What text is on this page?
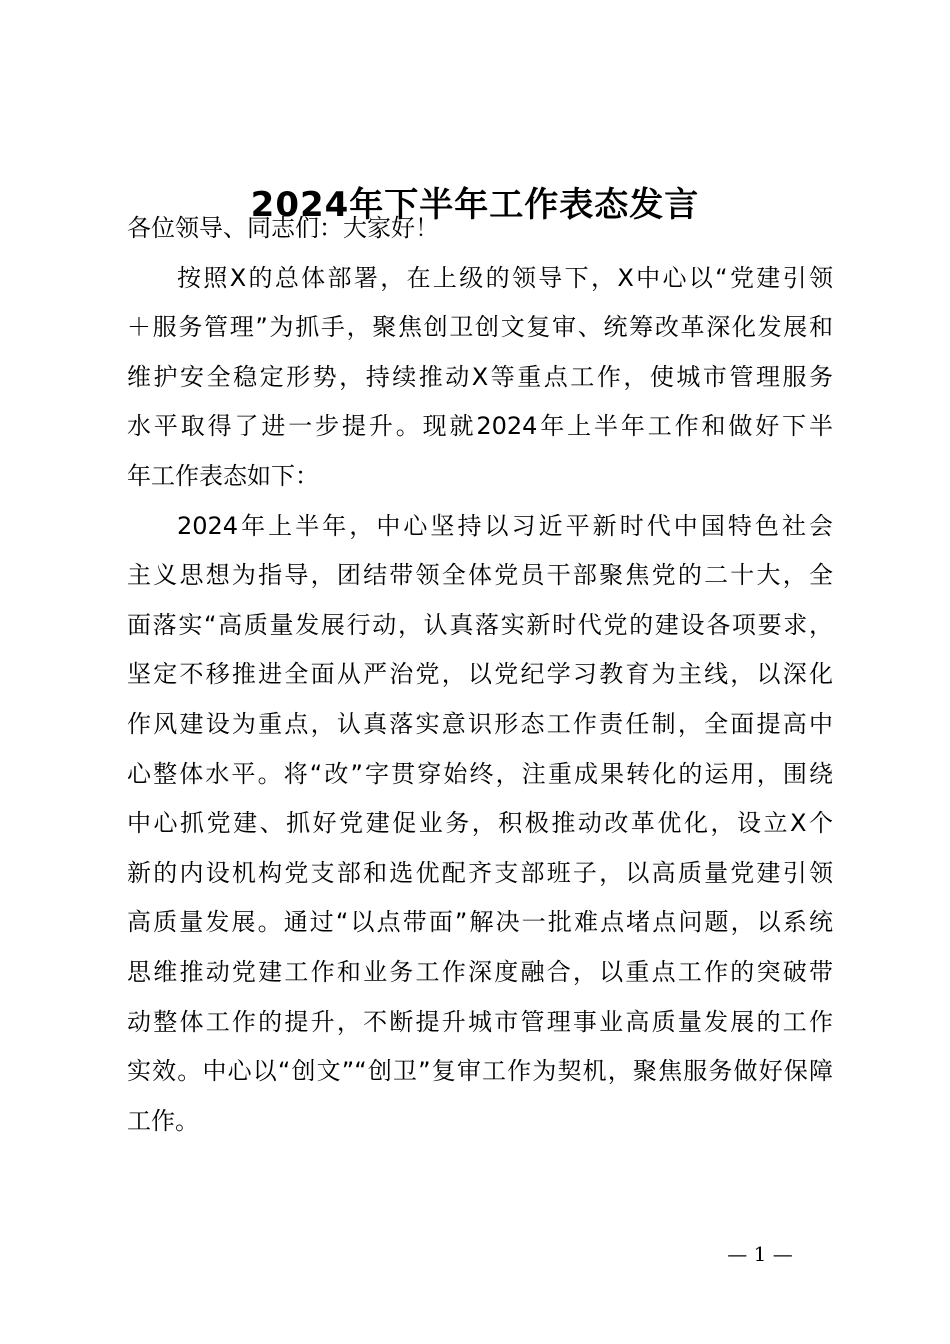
2024年下半年工作表态发言
各位领导、同志们：大家好！
按照X的总体部署，在上级的领导下，X中心以“党建引领
＋服务管理”为抓手，聚焦创卫创文复审、统筹改革深化发展和
维护安全稳定形势，持续推动X等重点工作，使城市管理服务
水平取得了进一步提升。现就2024年上半年工作和做好下半
年工作表态如下：
2024年上半年，中心坚持以习近平新时代中国特色社会
主义思想为指导，团结带领全体党员干部聚焦党的二十大，全
面落实“高质量发展行动，认真落实新时代党的建设各项要求，
坚定不移推进全面从严治党，以党纪学习教育为主线，以深化
作风建设为重点，认真落实意识形态工作责任制，全面提高中
心整体水平。将“改”字贯穿始终，注重成果转化的运用，围绕
中心抓党建、抓好党建促业务，积极推动改革优化，设立X个
新的内设机构党支部和选优配齐支部班子，以高质量党建引领
高质量发展。通过“以点带面”解决一批难点堵点问题，以系统
思维推动党建工作和业务工作深度融合，以重点工作的突破带
动整体工作的提升，不断提升城市管理事业高质量发展的工作
实效。中心以“创文”“创卫”复审工作为契机，聚焦服务做好保障
工作。
— 1 —
